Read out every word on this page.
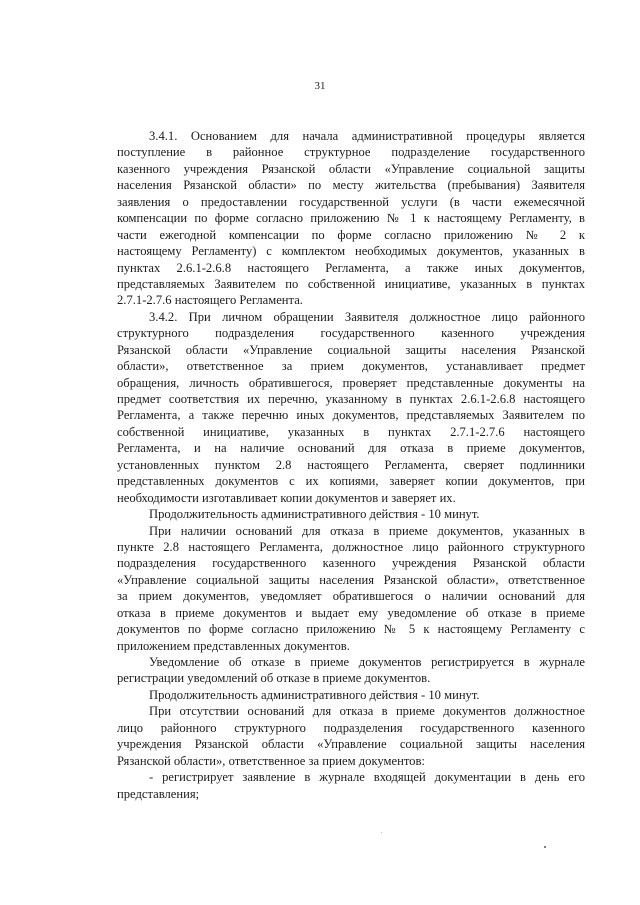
31

3.4.1. Основанием для начала административной процедуры является
поступление в районное структурное подразделение государственного
казенного учреждения Рязанской области «Управление социальной защиты
населения Рязанской области» по месту жительства (пребывания) Заявителя
заявления о предоставлении государственной услуги (в части ежемесячной
компенсации по форме согласно приложению № 1 к настоящему Регламенту, в
части ежегодной компенсации по форме согласно приложению № 2 к
настоящему Регламенту) с комплектом необходимых документов, указанных в
пунктах 2.6.1-2.6.8 настоящего Регламента, а также иных документов,
представляемых Заявителем по собственной инициативе, указанных в пунктах
2.7.1-2.7.6 настоящего Регламента.

3.4.2. При личном обращении Заявителя должностное лицо районного
структурного подразделения государственного казенного учреждения
Рязанской области «Управление социальной защиты населения Рязанской
области», ответственное за прием документов, устанавливает предмет
обращения, личность обратившегося, проверяет представленные документы на
предмет соответствия их перечню, указанному в пунктах 2.6.1-2.6.8 настоящего
Регламента, а также перечню иных документов, представляемых Заявителем по
собственной инициативе, указанных в пунктах 2.7.1-2.7.6 настоящего
Регламента, и на наличие оснований для отказа в приеме документов,
установленных пунктом 2.8 настоящего Регламента, сверяет подлинники
представленных документов с их копиями, заверяет копии документов, при
необходимости изготавливает копии документов и заверяет их.

Продолжительность административного действия - 10 минут.

При наличии оснований для отказа в приеме документов, указанных в
пункте 2.8 настоящего Регламента, должностное лицо районного структурного
подразделения государственного казенного учреждения Рязанской области
«Управление социальной защиты населения Рязанской области», ответственное
за прием документов, уведомляет обратившегося о наличии оснований для
отказа в приеме документов и выдает ему уведомление об отказе в приеме
документов по форме согласно приложению № 5 к настоящему Регламенту с
приложением представленных документов.

Уведомление об отказе в приеме документов регистрируется в журнале
регистрации уведомлений об отказе в приеме документов.

Продолжительность административного действия - 10 минут.

При отсутствии оснований для отказа в приеме документов должностное
лицо районного структурного подразделения государственного казенного
учреждения Рязанской области «Управление социальной защиты населения
Рязанской области», ответственное за прием документов:

- регистрирует заявление в журнале входящей документации в день его
представления;
